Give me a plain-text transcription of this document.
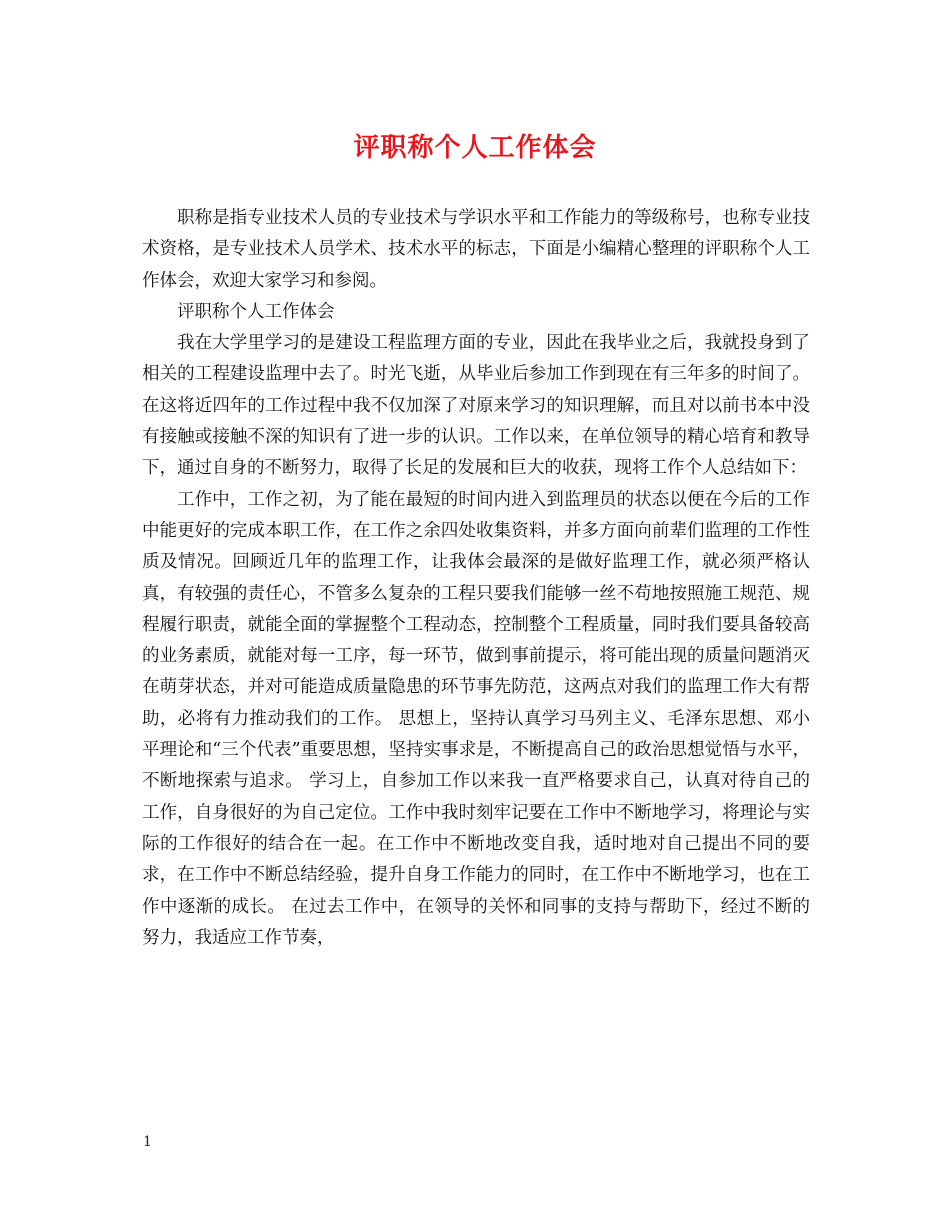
评职称个人工作体会

职称是指专业技术人员的专业技术与学识水平和工作能力的等级称号，也称专业技术资格，是专业技术人员学术、技术水平的标志，下面是小编精心整理的评职称个人工作体会，欢迎大家学习和参阅。

评职称个人工作体会

我在大学里学习的是建设工程监理方面的专业，因此在我毕业之后，我就投身到了相关的工程建设监理中去了。时光飞逝，从毕业后参加工作到现在有三年多的时间了。在这将近四年的工作过程中我不仅加深了对原来学习的知识理解，而且对以前书本中没有接触或接触不深的知识有了进一步的认识。工作以来，在单位领导的精心培育和教导下，通过自身的不断努力，取得了长足的发展和巨大的收获，现将工作个人总结如下：

工作中，工作之初，为了能在最短的时间内进入到监理员的状态以便在今后的工作中能更好的完成本职工作，在工作之余四处收集资料，并多方面向前辈们监理的工作性质及情况。回顾近几年的监理工作，让我体会最深的是做好监理工作，就必须严格认真，有较强的责任心，不管多么复杂的工程只要我们能够一丝不苟地按照施工规范、规程履行职责，就能全面的掌握整个工程动态，控制整个工程质量，同时我们要具备较高的业务素质，就能对每一工序，每一环节，做到事前提示，将可能出现的质量问题消灭在萌芽状态，并对可能造成质量隐患的环节事先防范，这两点对我们的监理工作大有帮助，必将有力推动我们的工作。 思想上，坚持认真学习马列主义、毛泽东思想、邓小平理论和“三个代表”重要思想，坚持实事求是，不断提高自己的政治思想觉悟与水平，不断地探索与追求。 学习上，自参加工作以来我一直严格要求自己，认真对待自己的工作，自身很好的为自己定位。工作中我时刻牢记要在工作中不断地学习，将理论与实际的工作很好的结合在一起。在工作中不断地改变自我，适时地对自己提出不同的要求，在工作中不断总结经验，提升自身工作能力的同时，在工作中不断地学习，也在工作中逐渐的成长。 在过去工作中，在领导的关怀和同事的支持与帮助下，经过不断的努力，我适应工作节奏，

1
